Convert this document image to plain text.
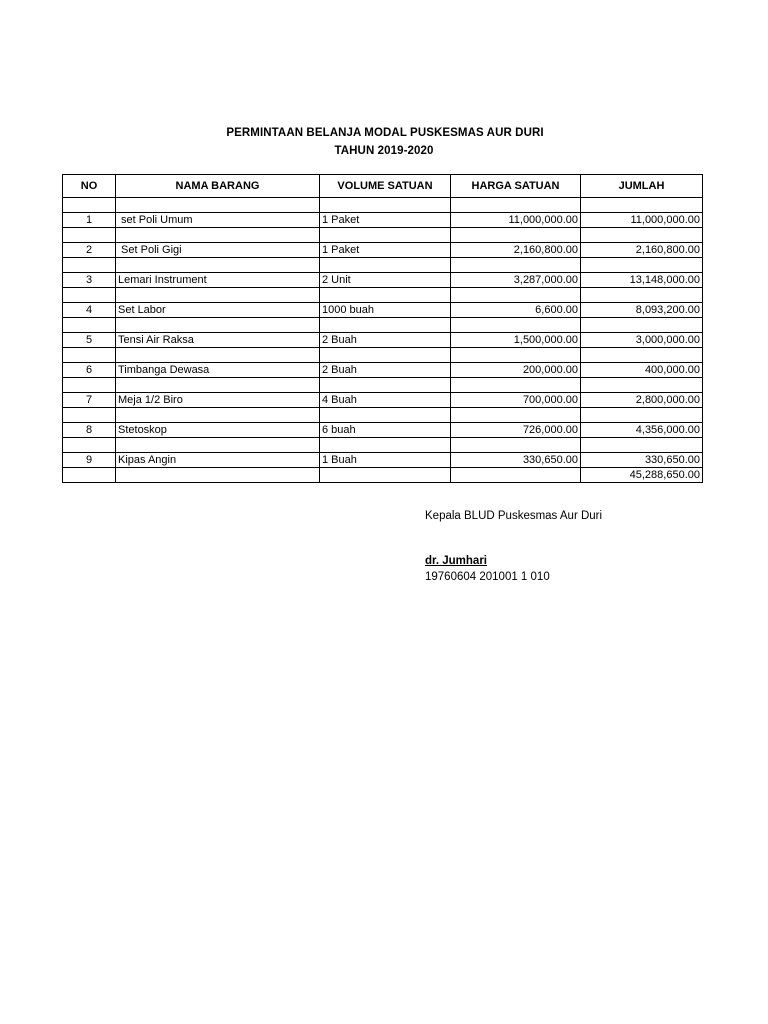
PERMINTAAN BELANJA MODAL PUSKESMAS AUR DURI
TAHUN 2019-2020
NO	NAMA BARANG	VOLUME SATUAN	HARGA SATUAN	JUMLAH

1	set Poli Umum	1 Paket	11,000,000.00	11,000,000.00

2	Set Poli Gigi	1 Paket	2,160,800.00	2,160,800.00

3	Lemari Instrument	2 Unit	3,287,000.00	13,148,000.00

4	Set Labor	1000 buah	6,600.00	8,093,200.00

5	Tensi Air Raksa	2 Buah	1,500,000.00	3,000,000.00

6	Timbanga Dewasa	2 Buah	200,000.00	400,000.00

7	Meja 1/2 Biro	4 Buah	700,000.00	2,800,000.00

8	Stetoskop	6 buah	726,000.00	4,356,000.00

9	Kipas Angin	1 Buah	330,650.00	330,650.00
				45,288,650.00
Kepala BLUD Puskesmas Aur Duri
dr. Jumhari
19760604 201001 1 010
